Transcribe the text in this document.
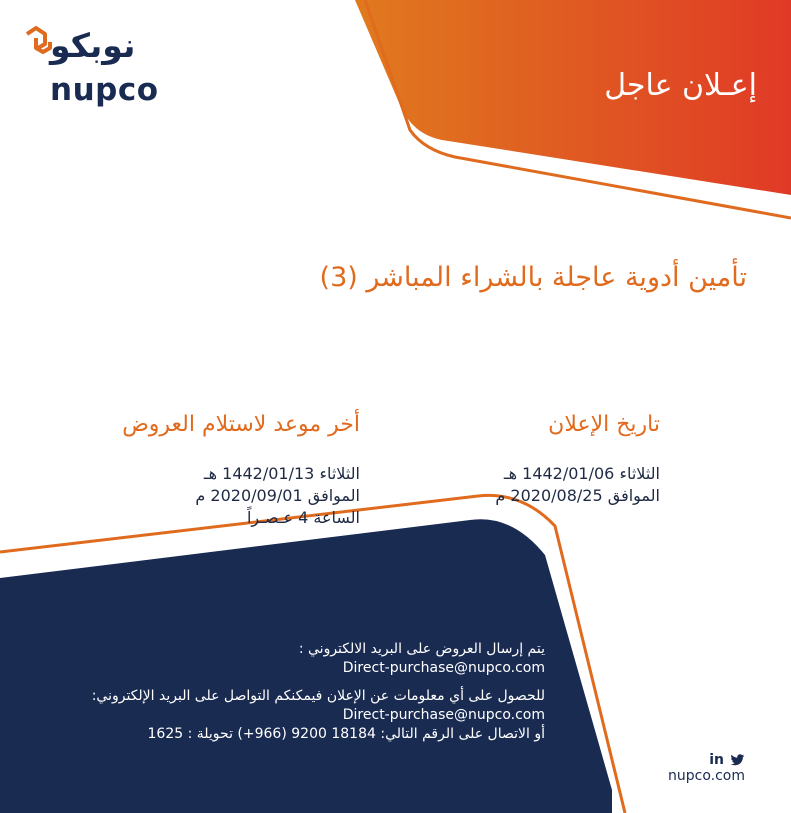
نوبكو
nupco	إعـلان عاجل
تأمين أدوية عاجلة بالشراء المباشر (3)
تاريخ الإعلان
الثلاثاء 1442/01/06 هـ
الموافق 2020/08/25 م
أخر موعد لاستلام العروض
الثلاثاء 1442/01/13 هـ
الموافق 2020/09/01 م
الساعة 4 عـصـراً
يتم إرسال العروض على البريد الالكتروني :
Direct-purchase@nupco.com
للحصول على أي معلومات عن الإعلان فيمكنكم التواصل على البريد الإلكتروني:
Direct-purchase@nupco.com
أو الاتصال على الرقم التالي: 18184 9200 (966+) تحويلة : 1625
in
nupco.com
